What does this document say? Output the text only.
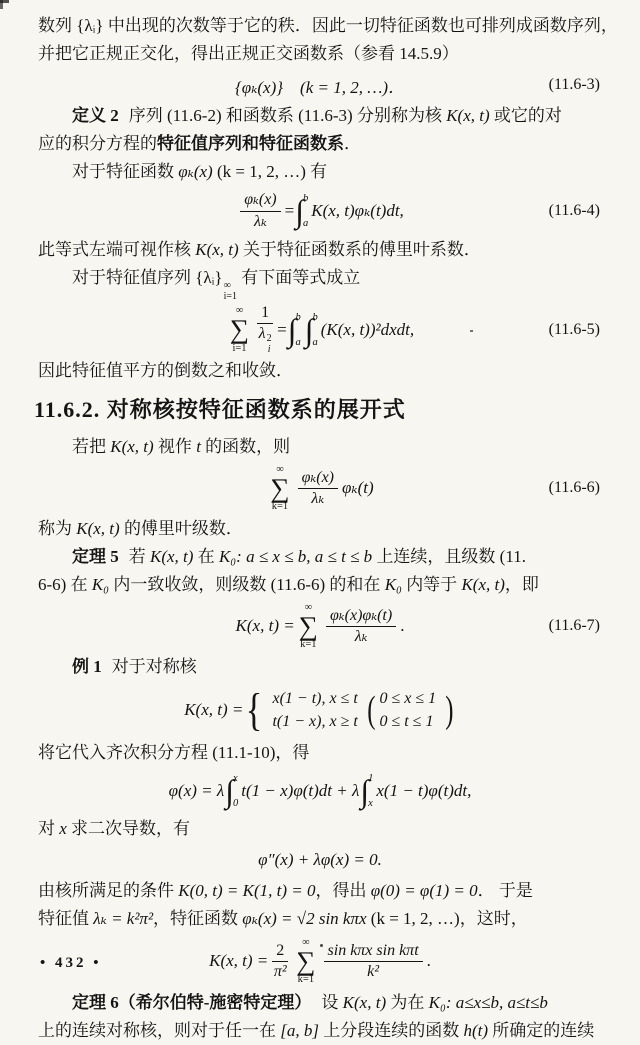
数列 {λᵢ} 中出现的次数等于它的秩．因此一切特征函数也可排列成函数序列，
并把它正规正交化，得出正规正交函数系（参看 14.5.9）
{φₖ(x)}　(k = 1, 2, …)．	(11.6-3)
定义 2 序列 (11.6-2) 和函数系 (11.6-3) 分别称为核 K(x, t) 或它的对
应的积分方程的特征值序列和特征函数系．
对于特征函数 φₖ(x) (k = 1, 2, …) 有
$\frac{\text{φₖ(x)}}{\text{λₖ}}$ = ∫ b
a
K(x, t)φₖ(t)dt,	(11.6-4)
此等式左端可视作核 K(x, t) 关于特征函数系的傅里叶系数．
对于特征值序列 {λᵢ} ∞
i=1
有下面等式成立
∞
∑
i=1 1
λ 2
i = ∫ b
a ∫ b
a
(K(x, t))²dxdt,	(11.6-5)
因此特征值平方的倒数之和收敛．
11.6.2. 对称核按特征函数系的展开式
若把 K(x, t) 视作 t 的函数，则
∞
∑
$k=1 \frac{\text{φₖ(x)}}{\text{λₖ}} \varphi_k(t)$	(11.6-6)
称为 K(x, t) 的傅里叶级数．
定理 5 若 K(x, t) 在 K₀: a ≤ x ≤ b, a ≤ t ≤ b 上连续，且级数 (11.
6-6) 在 K₀ 内一致收敛，则级数 (11.6-6) 的和在 K₀ 内等于 K(x, t)，即
K(x, t) =
∞
∑
$k=1 \frac{\text{φₖ(x)φₖ(t)}}{\text{λₖ}}$ .	(11.6-7)
例 1 对于对称核
K(x, t) = { x(1 − t), x ≤ t
t(1 − x), x ≥ t ( 0 ≤ x ≤ 1
0 ≤ t ≤ 1 )
将它代入齐次积分方程 (11.1-10)，得
φ(x) = λ ∫ x
0
t(1 − x)φ(t)dt + λ ∫ 1
x
x(1 − t)φ(t)dt,
对 x 求二次导数，有
φ″(x) + λφ(x) = 0.
由核所满足的条件 K(0, t) = K(1, t) = 0，得出 φ(0) = φ(1) = 0． 于是
特征值 λₖ = k²π²，特征函数 φₖ(x) = √2 sin kπx (k = 1, 2, …)，这时，
K(x, $t) = \frac{2}{\text{π²}}$ ∞
∑
$k=1 \frac{\text{sin kπx sin kπt}}{\text{k²}}$ .
定理 6（希尔伯特-施密特定理） 设 K(x, t) 为在 K₀: a≤x≤b, a≤t≤b
上的连续对称核，则对于任一在 [a, b] 上分段连续的函数 h(t) 所确定的连续
• 432 •
